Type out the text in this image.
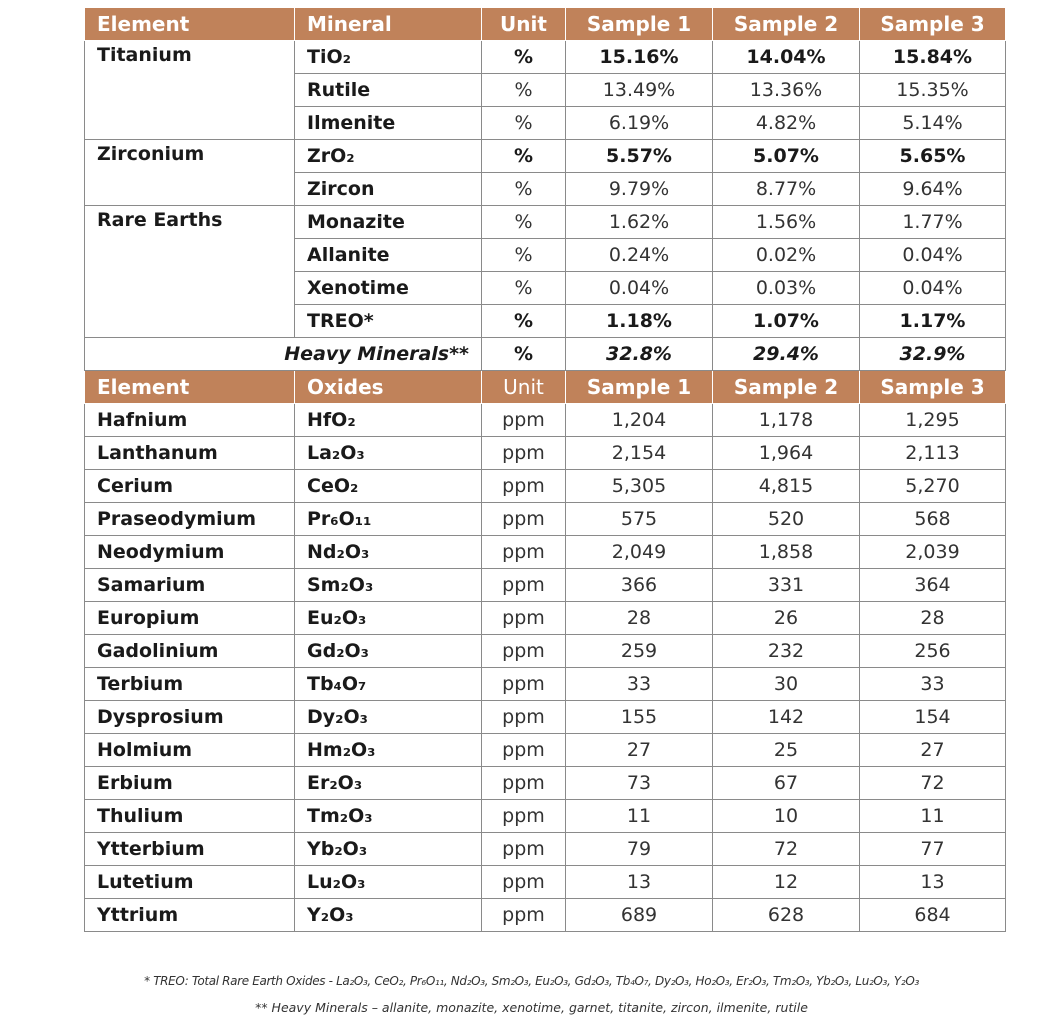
Element	Mineral	Unit	Sample 1	Sample 2	Sample 3
Titanium	TiO₂	%	15.16%	14.04%	15.84%
	Rutile	%	13.49%	13.36%	15.35%
	Ilmenite	%	6.19%	4.82%	5.14%
Zirconium	ZrO₂	%	5.57%	5.07%	5.65%
	Zircon	%	9.79%	8.77%	9.64%
Rare Earths	Monazite	%	1.62%	1.56%	1.77%
	Allanite	%	0.24%	0.02%	0.04%
	Xenotime	%	0.04%	0.03%	0.04%
	TREO*	%	1.18%	1.07%	1.17%
Heavy Minerals**		%	32.8%	29.4%	32.9%
Element	Oxides	Unit	Sample 1	Sample 2	Sample 3
Hafnium	HfO₂	ppm	1,204	1,178	1,295
Lanthanum	La₂O₃	ppm	2,154	1,964	2,113
Cerium	CeO₂	ppm	5,305	4,815	5,270
Praseodymium	Pr₆O₁₁	ppm	575	520	568
Neodymium	Nd₂O₃	ppm	2,049	1,858	2,039
Samarium	Sm₂O₃	ppm	366	331	364
Europium	Eu₂O₃	ppm	28	26	28
Gadolinium	Gd₂O₃	ppm	259	232	256
Terbium	Tb₄O₇	ppm	33	30	33
Dysprosium	Dy₂O₃	ppm	155	142	154
Holmium	Hm₂O₃	ppm	27	25	27
Erbium	Er₂O₃	ppm	73	67	72
Thulium	Tm₂O₃	ppm	11	10	11
Ytterbium	Yb₂O₃	ppm	79	72	77
Lutetium	Lu₂O₃	ppm	13	12	13
Yttrium	Y₂O₃	ppm	689	628	684
* TREO: Total Rare Earth Oxides - La₂O₃, CeO₂, Pr₆O₁₁, Nd₂O₃, Sm₂O₃, Eu₂O₃, Gd₂O₃, Tb₄O₇, Dy₂O₃, Ho₂O₃, Er₂O₃, Tm₂O₃, Yb₂O₃, Lu₂O₃, Y₂O₃
** Heavy Minerals – allanite, monazite, xenotime, garnet, titanite, zircon, ilmenite, rutile
